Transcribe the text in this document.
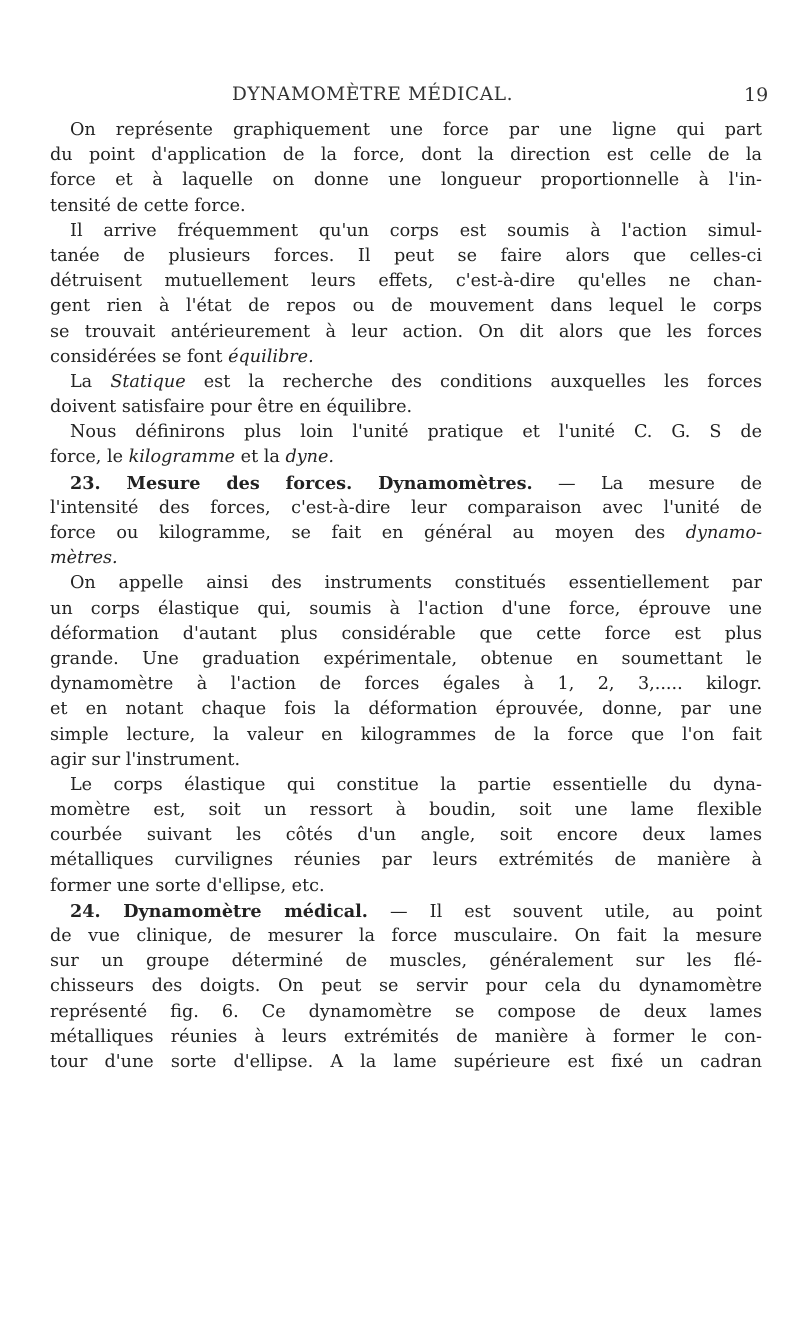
DYNAMOMÈTRE MÉDICAL.	19
On représente graphiquement une force par une ligne qui part
du point d'application de la force, dont la direction est celle de la
force et à laquelle on donne une longueur proportionnelle à l'in-
tensité de cette force.
Il arrive fréquemment qu'un corps est soumis à l'action simul-
tanée de plusieurs forces. Il peut se faire alors que celles-ci
détruisent mutuellement leurs effets, c'est-à-dire qu'elles ne chan-
gent rien à l'état de repos ou de mouvement dans lequel le corps
se trouvait antérieurement à leur action. On dit alors que les forces
considérées se font équilibre.
La Statique est la recherche des conditions auxquelles les forces
doivent satisfaire pour être en équilibre.
Nous définirons plus loin l'unité pratique et l'unité C. G. S de
force, le kilogramme et la dyne.
23. Mesure des forces. Dynamomètres. — La mesure de
l'intensité des forces, c'est-à-dire leur comparaison avec l'unité de
force ou kilogramme, se fait en général au moyen des dynamo-
mètres.
On appelle ainsi des instruments constitués essentiellement par
un corps élastique qui, soumis à l'action d'une force, éprouve une
déformation d'autant plus considérable que cette force est plus
grande. Une graduation expérimentale, obtenue en soumettant le
dynamomètre à l'action de forces égales à 1, 2, 3,..... kilogr.
et en notant chaque fois la déformation éprouvée, donne, par une
simple lecture, la valeur en kilogrammes de la force que l'on fait
agir sur l'instrument.
Le corps élastique qui constitue la partie essentielle du dyna-
momètre est, soit un ressort à boudin, soit une lame flexible
courbée suivant les côtés d'un angle, soit encore deux lames
métalliques curvilignes réunies par leurs extrémités de manière à
former une sorte d'ellipse, etc.
24. Dynamomètre médical. — Il est souvent utile, au point
de vue clinique, de mesurer la force musculaire. On fait la mesure
sur un groupe déterminé de muscles, généralement sur les flé-
chisseurs des doigts. On peut se servir pour cela du dynamomètre
représenté fig. 6. Ce dynamomètre se compose de deux lames
métalliques réunies à leurs extrémités de manière à former le con-
tour d'une sorte d'ellipse. A la lame supérieure est fixé un cadran
